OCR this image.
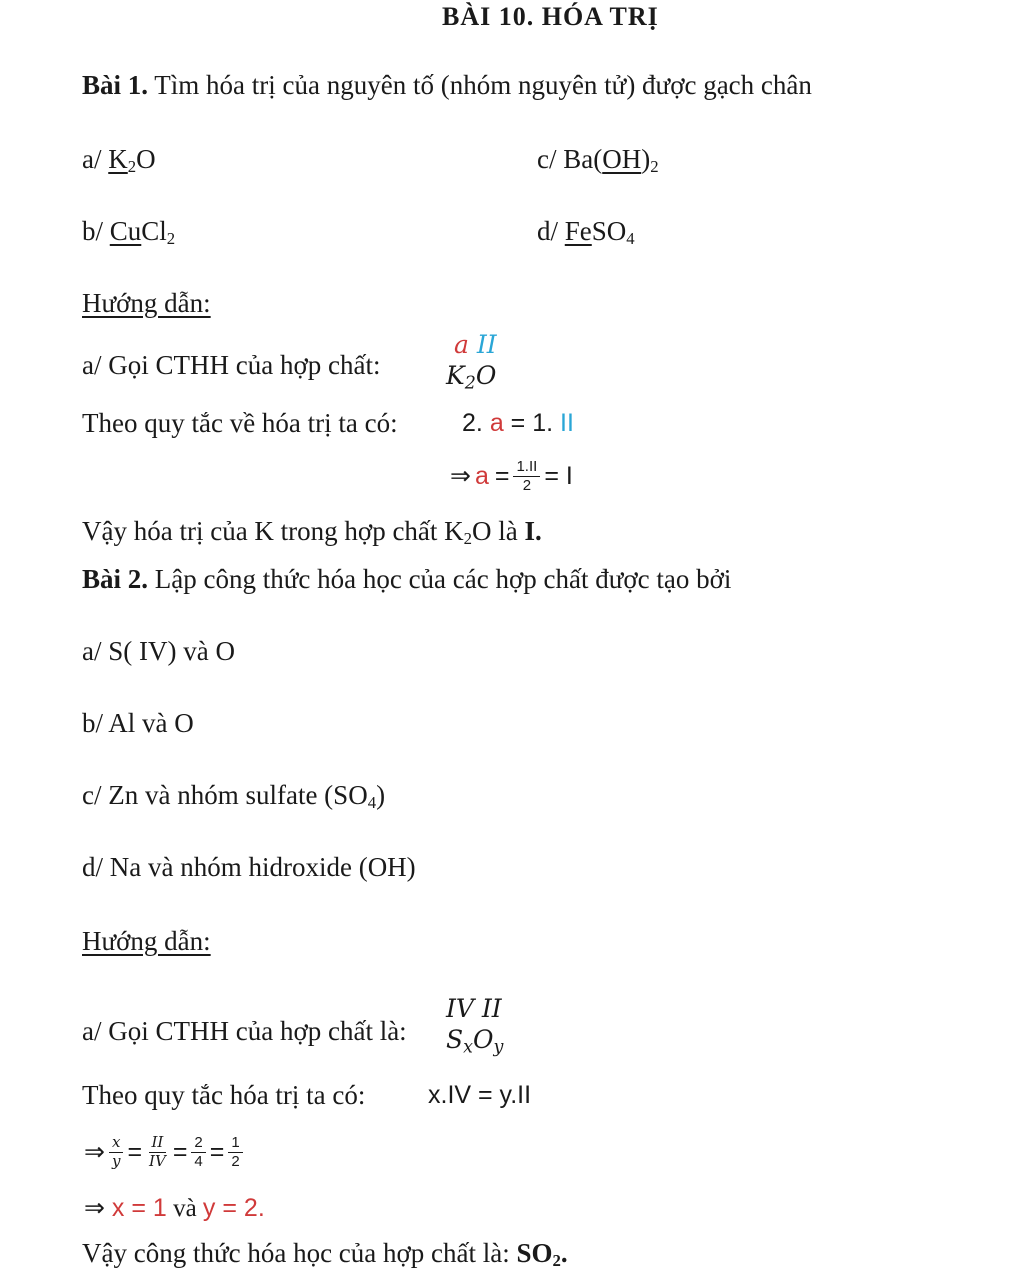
BÀI 10. HÓA TRỊ
Bài 1. Tìm hóa trị của nguyên tố (nhóm nguyên tử) được gạch chân
a/ $K_2O$	c/ $Ba(OH)_2$
b/ CuCl$_2$	d/ FeSO$_4$
Hướng dẫn:
a/ Gọi CTHH của hợp chất:
a II
$K_2O$
Theo quy tắc về hóa trị ta có:	2. a = 1. II
⇒ $a = \frac{1.II}{2} = I$
Vậy hóa trị của K trong hợp chất $K_2O$ là I.
Bài 2. Lập công thức hóa học của các hợp chất được tạo bởi
a/ S( IV) và O
b/ Al và O
c/ Zn và nhóm sulfate $(SO_4)$
d/ Na và nhóm hidroxide (OH)
Hướng dẫn:
a/ Gọi CTHH của hợp chất là:
IV II
$S_xO_y$
Theo quy tắc hóa trị ta có:	x.IV = y.II
⇒ $\frac{x}{y} = \frac{II}{IV} = \frac{2}{4} = \frac{1}{2}$
⇒ x = 1 và y = 2.
Vậy công thức hóa học của hợp chất là: $SO_2$.
